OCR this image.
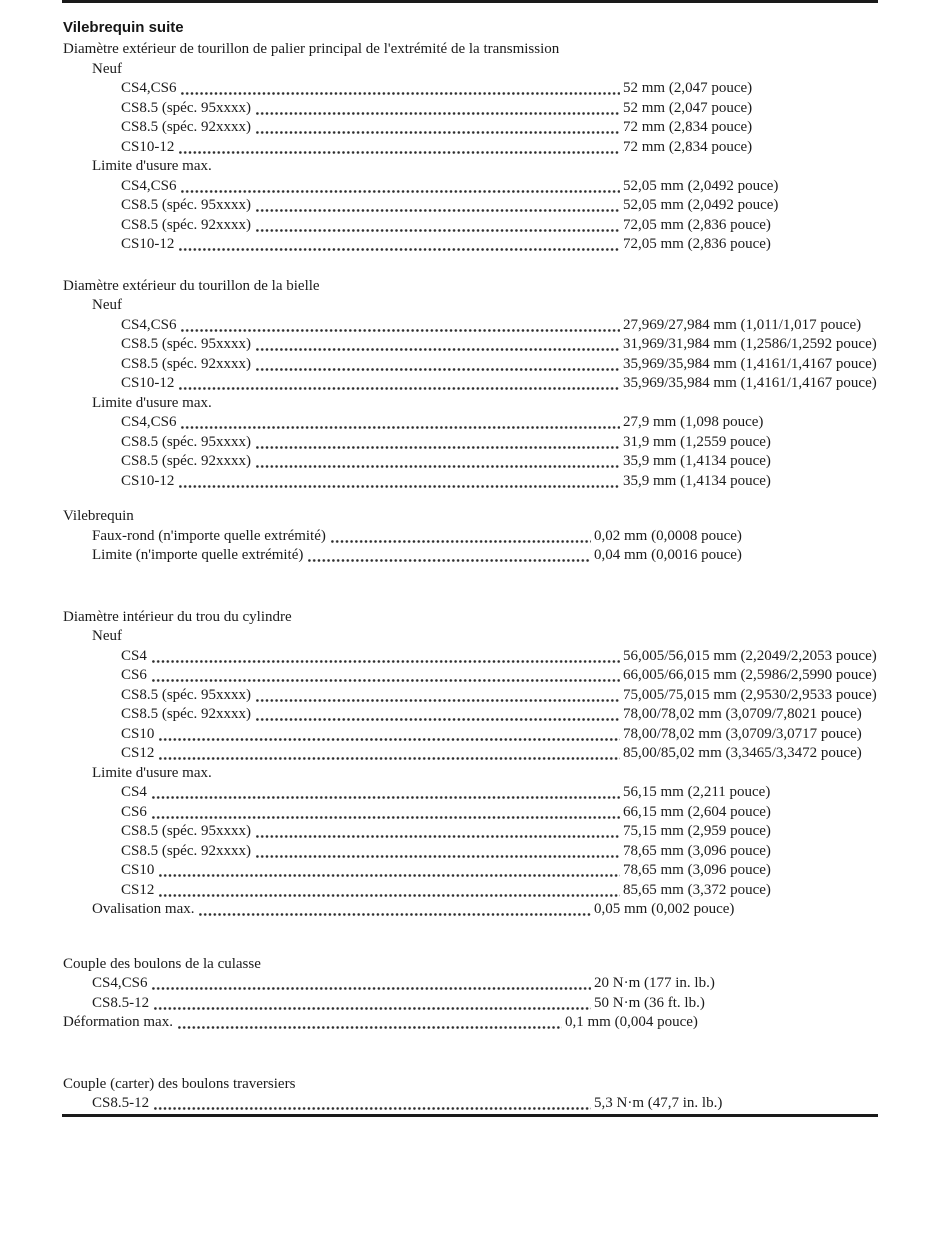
Vilebrequin suite
Diamètre extérieur de tourillon de palier principal de l'extrémité de la transmission
Neuf
CS4,CS6	52 mm (2,047 pouce)
CS8.5 (spéc. 95xxxx)	52 mm (2,047 pouce)
CS8.5 (spéc. 92xxxx)	72 mm (2,834 pouce)
CS10-12	72 mm (2,834 pouce)
Limite d'usure max.
CS4,CS6	52,05 mm (2,0492 pouce)
CS8.5 (spéc. 95xxxx)	52,05 mm (2,0492 pouce)
CS8.5 (spéc. 92xxxx)	72,05 mm (2,836 pouce)
CS10-12	72,05 mm (2,836 pouce)
Diamètre extérieur du tourillon de la bielle
Neuf
CS4,CS6	27,969/27,984 mm (1,011/1,017 pouce)
CS8.5 (spéc. 95xxxx)	31,969/31,984 mm (1,2586/1,2592 pouce)
CS8.5 (spéc. 92xxxx)	35,969/35,984 mm (1,4161/1,4167 pouce)
CS10-12	35,969/35,984 mm (1,4161/1,4167 pouce)
Limite d'usure max.
CS4,CS6	27,9 mm (1,098 pouce)
CS8.5 (spéc. 95xxxx)	31,9 mm (1,2559 pouce)
CS8.5 (spéc. 92xxxx)	35,9 mm (1,4134 pouce)
CS10-12	35,9 mm (1,4134 pouce)
Vilebrequin
Faux-rond (n'importe quelle extrémité)	0,02 mm (0,0008 pouce)
Limite (n'importe quelle extrémité)	0,04 mm (0,0016 pouce)
Diamètre intérieur du trou du cylindre
Neuf
CS4	56,005/56,015 mm (2,2049/2,2053 pouce)
CS6	66,005/66,015 mm (2,5986/2,5990 pouce)
CS8.5 (spéc. 95xxxx)	75,005/75,015 mm (2,9530/2,9533 pouce)
CS8.5 (spéc. 92xxxx)	78,00/78,02 mm (3,0709/7,8021 pouce)
CS10	78,00/78,02 mm (3,0709/3,0717 pouce)
CS12	85,00/85,02 mm (3,3465/3,3472 pouce)
Limite d'usure max.
CS4	56,15 mm (2,211 pouce)
CS6	66,15 mm (2,604 pouce)
CS8.5 (spéc. 95xxxx)	75,15 mm (2,959 pouce)
CS8.5 (spéc. 92xxxx)	78,65 mm (3,096 pouce)
CS10	78,65 mm (3,096 pouce)
CS12	85,65 mm (3,372 pouce)
Ovalisation max.	0,05 mm (0,002 pouce)
Couple des boulons de la culasse
CS4,CS6	20 N·m (177 in. lb.)
CS8.5-12	50 N·m (36 ft. lb.)
Déformation max.	0,1 mm (0,004 pouce)
Couple (carter) des boulons traversiers
CS8.5-12	5,3 N·m (47,7 in. lb.)
